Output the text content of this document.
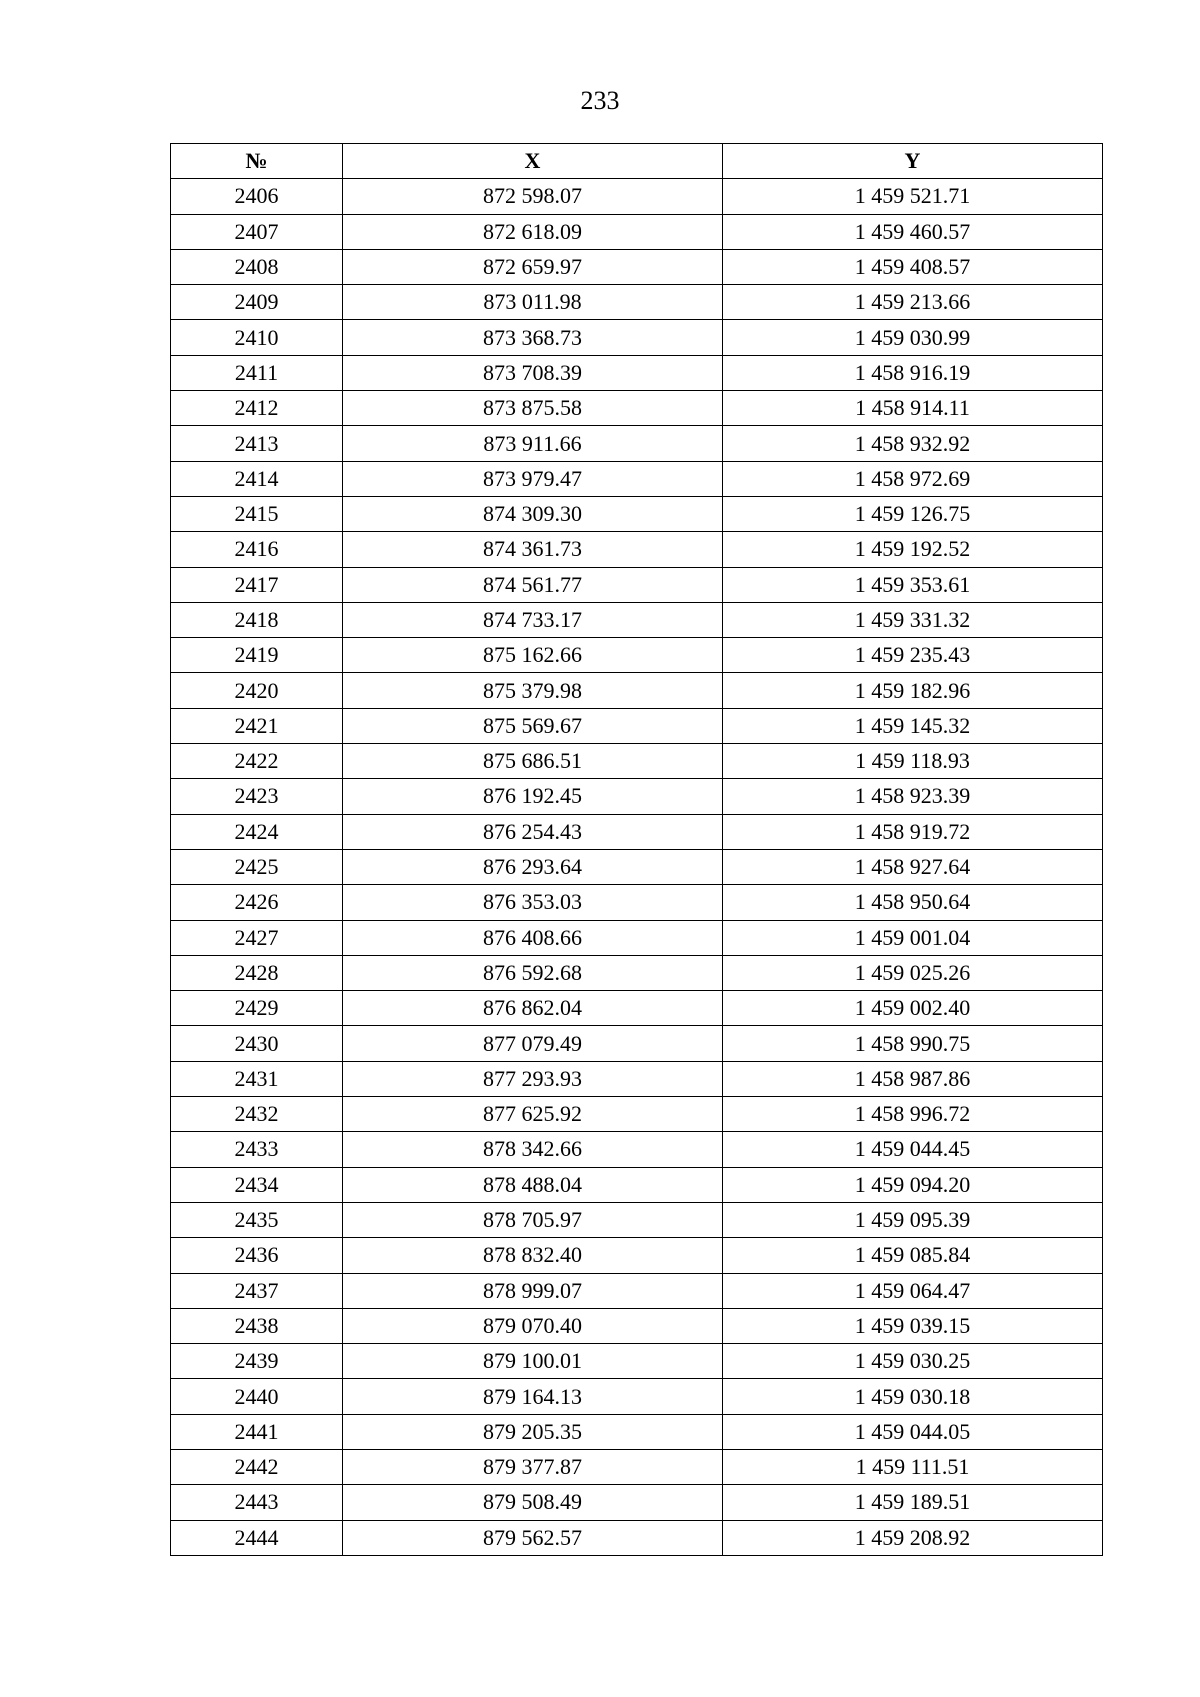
233
№	X	Y
2406	872 598.07	1 459 521.71
2407	872 618.09	1 459 460.57
2408	872 659.97	1 459 408.57
2409	873 011.98	1 459 213.66
2410	873 368.73	1 459 030.99
2411	873 708.39	1 458 916.19
2412	873 875.58	1 458 914.11
2413	873 911.66	1 458 932.92
2414	873 979.47	1 458 972.69
2415	874 309.30	1 459 126.75
2416	874 361.73	1 459 192.52
2417	874 561.77	1 459 353.61
2418	874 733.17	1 459 331.32
2419	875 162.66	1 459 235.43
2420	875 379.98	1 459 182.96
2421	875 569.67	1 459 145.32
2422	875 686.51	1 459 118.93
2423	876 192.45	1 458 923.39
2424	876 254.43	1 458 919.72
2425	876 293.64	1 458 927.64
2426	876 353.03	1 458 950.64
2427	876 408.66	1 459 001.04
2428	876 592.68	1 459 025.26
2429	876 862.04	1 459 002.40
2430	877 079.49	1 458 990.75
2431	877 293.93	1 458 987.86
2432	877 625.92	1 458 996.72
2433	878 342.66	1 459 044.45
2434	878 488.04	1 459 094.20
2435	878 705.97	1 459 095.39
2436	878 832.40	1 459 085.84
2437	878 999.07	1 459 064.47
2438	879 070.40	1 459 039.15
2439	879 100.01	1 459 030.25
2440	879 164.13	1 459 030.18
2441	879 205.35	1 459 044.05
2442	879 377.87	1 459 111.51
2443	879 508.49	1 459 189.51
2444	879 562.57	1 459 208.92
